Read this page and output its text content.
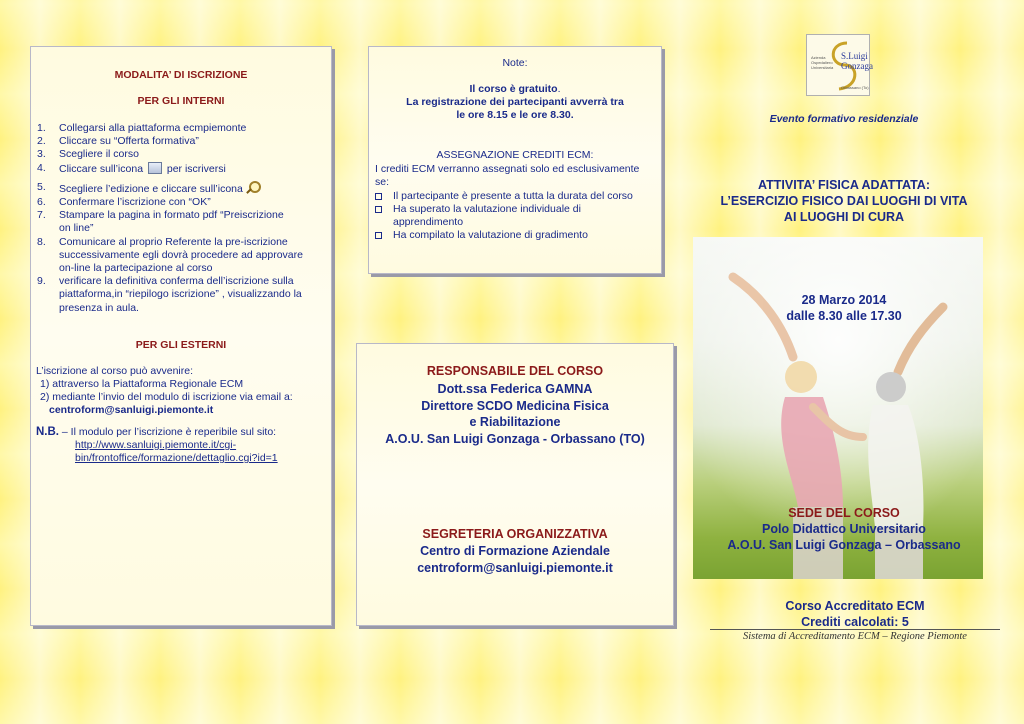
MODALITA’ DI ISCRIZIONE
PER GLI INTERNI
1. Collegarsi alla piattaforma ecmpiemonte
2. Cliccare su “Offerta formativa”
3. Scegliere il corso
4. Cliccare sull’icona per iscriversi
5. Scegliere l’edizione e cliccare sull’icona
6. Confermare l’iscrizione con “OK”
7. Stampare la pagina in formato pdf “Preiscrizione
on line”
8. Comunicare al proprio Referente la pre-iscrizione
successivamente egli dovrà procedere ad approvare
on-line la partecipazione al corso
9. verificare la definitiva conferma dell’iscrizione sulla
piattaforma,in “riepilogo iscrizione” , visualizzando la
presenza in aula.
PER GLI ESTERNI
L’iscrizione al corso può avvenire:
1) attraverso la Piattaforma Regionale ECM
2) mediante l’invio del modulo di iscrizione via email a:
centroform@sanluigi.piemonte.it
N.B. – Il modulo per l’iscrizione è reperibile sul sito:
http://www.sanluigi.piemonte.it/cgi-
bin/frontoffice/formazione/dettaglio.cgi?id=1
Note:
Il corso è gratuito.
La registrazione dei partecipanti avverrà tra
le ore 8.15 e le ore 8.30.
ASSEGNAZIONE CREDITI ECM:
I crediti ECM verranno assegnati solo ed esclusivamente
se:
Il partecipante è presente a tutta la durata del corso
Ha superato la valutazione individuale di
apprendimento
Ha compilato la valutazione di gradimento
RESPONSABILE DEL CORSO
Dott.ssa Federica GAMNA
Direttore SCDO Medicina Fisica
e Riabilitazione
A.O.U. San Luigi Gonzaga - Orbassano (TO)
SEGRETERIA ORGANIZZATIVA
Centro di Formazione Aziendale
centroform@sanluigi.piemonte.it
Azienda
Ospedaliero
Universitaria
S.Luigi
Gonzaga
Orbassano (To)
Evento formativo residenziale
ATTIVITA’ FISICA ADATTATA:
L’ESERCIZIO FISICO DAI LUOGHI DI VITA
AI LUOGHI DI CURA
28 Marzo 2014
dalle 8.30 alle 17.30
SEDE DEL CORSO
Polo Didattico Universitario
A.O.U. San Luigi Gonzaga – Orbassano
Corso Accreditato ECM
Crediti calcolati: 5
Sistema di Accreditamento ECM – Regione Piemonte
